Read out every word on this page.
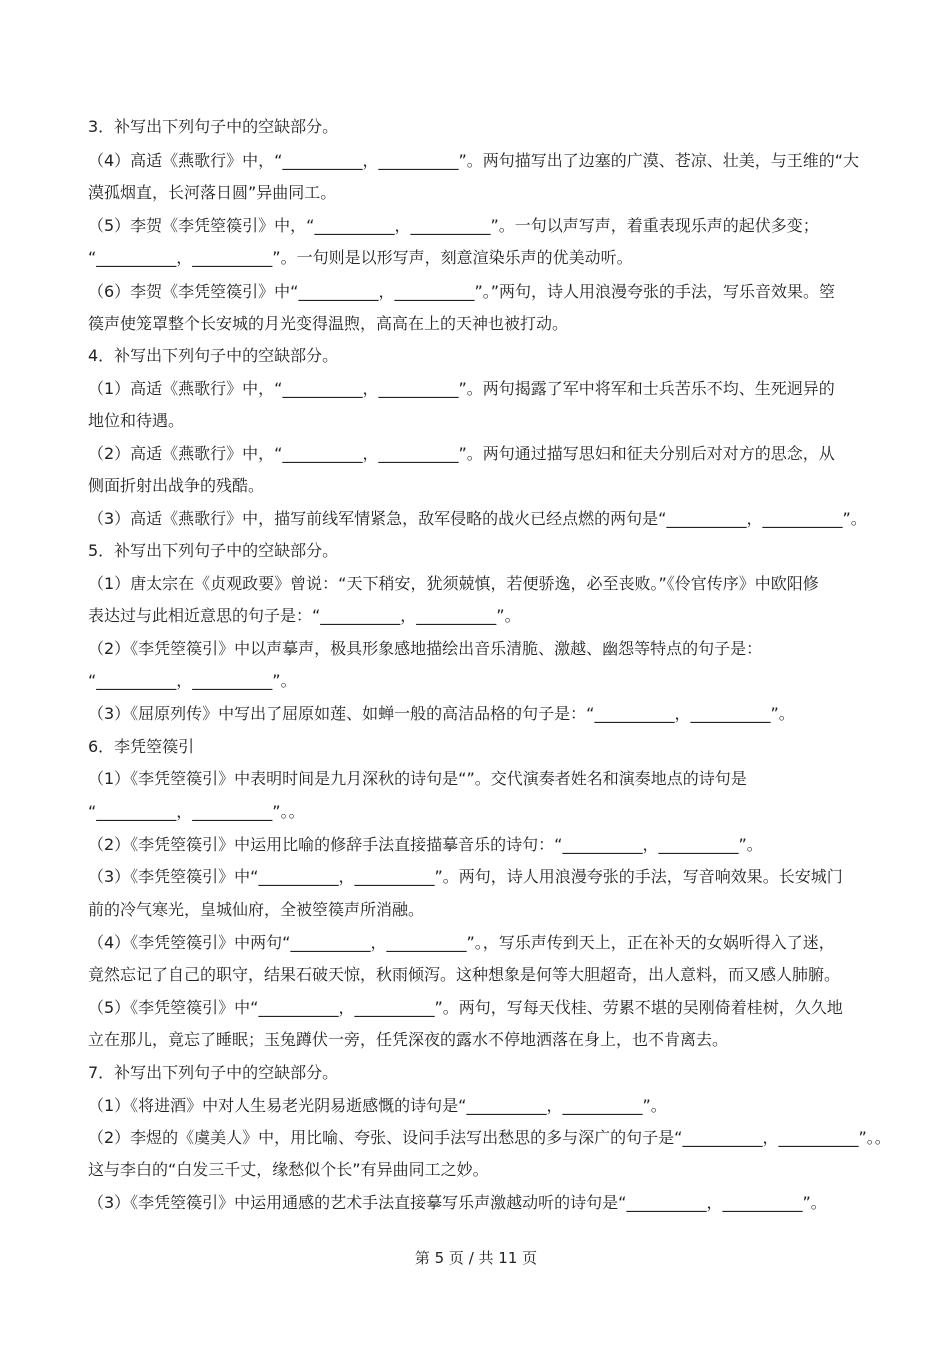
3．补写出下列句子中的空缺部分。
（4）高适《燕歌行》中，“__________，__________”。两句描写出了边塞的广漠、苍凉、壮美，与王维的“大
漠孤烟直，长河落日圆”异曲同工。
（5）李贺《李凭箜篌引》中，“__________，__________”。一句以声写声，着重表现乐声的起伏多变；
“__________，__________”。一句则是以形写声，刻意渲染乐声的优美动听。
（6）李贺《李凭箜篌引》中“__________，__________”。”两句，诗人用浪漫夸张的手法，写乐音效果。箜
篌声使笼罩整个长安城的月光变得温煦，高高在上的天神也被打动。
4．补写出下列句子中的空缺部分。
（1）高适《燕歌行》中，“__________，__________”。两句揭露了军中将军和士兵苦乐不均、生死迥异的
地位和待遇。
（2）高适《燕歌行》中，“__________，__________”。两句通过描写思妇和征夫分别后对对方的思念，从
侧面折射出战争的残酷。
（3）高适《燕歌行》中，描写前线军情紧急，敌军侵略的战火已经点燃的两句是“__________，__________”。
5．补写出下列句子中的空缺部分。
（1）唐太宗在《贞观政要》曾说：“天下稍安，犹须兢慎，若便骄逸，必至丧败。”《伶官传序》中欧阳修
表达过与此相近意思的句子是：“__________，__________”。
（2）《李凭箜篌引》中以声摹声，极具形象感地描绘出音乐清脆、激越、幽怨等特点的句子是：
“__________，__________”。
（3）《屈原列传》中写出了屈原如莲、如蝉一般的高洁品格的句子是：“__________，__________”。
6．李凭箜篌引
（1）《李凭箜篌引》中表明时间是九月深秋的诗句是“”。交代演奏者姓名和演奏地点的诗句是
“__________，__________”。。
（2）《李凭箜篌引》中运用比喻的修辞手法直接描摹音乐的诗句：“__________，__________”。
（3）《李凭箜篌引》中“__________，__________”。两句，诗人用浪漫夸张的手法，写音响效果。长安城门
前的冷气寒光，皇城仙府，全被箜篌声所消融。
（4）《李凭箜篌引》中两句“__________，__________”。，写乐声传到天上，正在补天的女娲听得入了迷，
竟然忘记了自己的职守，结果石破天惊，秋雨倾泻。这种想象是何等大胆超奇，出人意料，而又感人肺腑。
（5）《李凭箜篌引》中“__________，__________”。两句，写每天伐桂、劳累不堪的吴刚倚着桂树，久久地
立在那儿，竟忘了睡眠；玉兔蹲伏一旁，任凭深夜的露水不停地洒落在身上，也不肯离去。
7．补写出下列句子中的空缺部分。
（1）《将进酒》中对人生易老光阴易逝感慨的诗句是“__________，__________”。
（2）李煜的《虞美人》中，用比喻、夸张、设问手法写出愁思的多与深广的句子是“__________，__________”。。
这与李白的“白发三千丈，缘愁似个长”有异曲同工之妙。
（3）《李凭箜篌引》中运用通感的艺术手法直接摹写乐声激越动听的诗句是“__________，__________”。
第 5 页 / 共 11 页
